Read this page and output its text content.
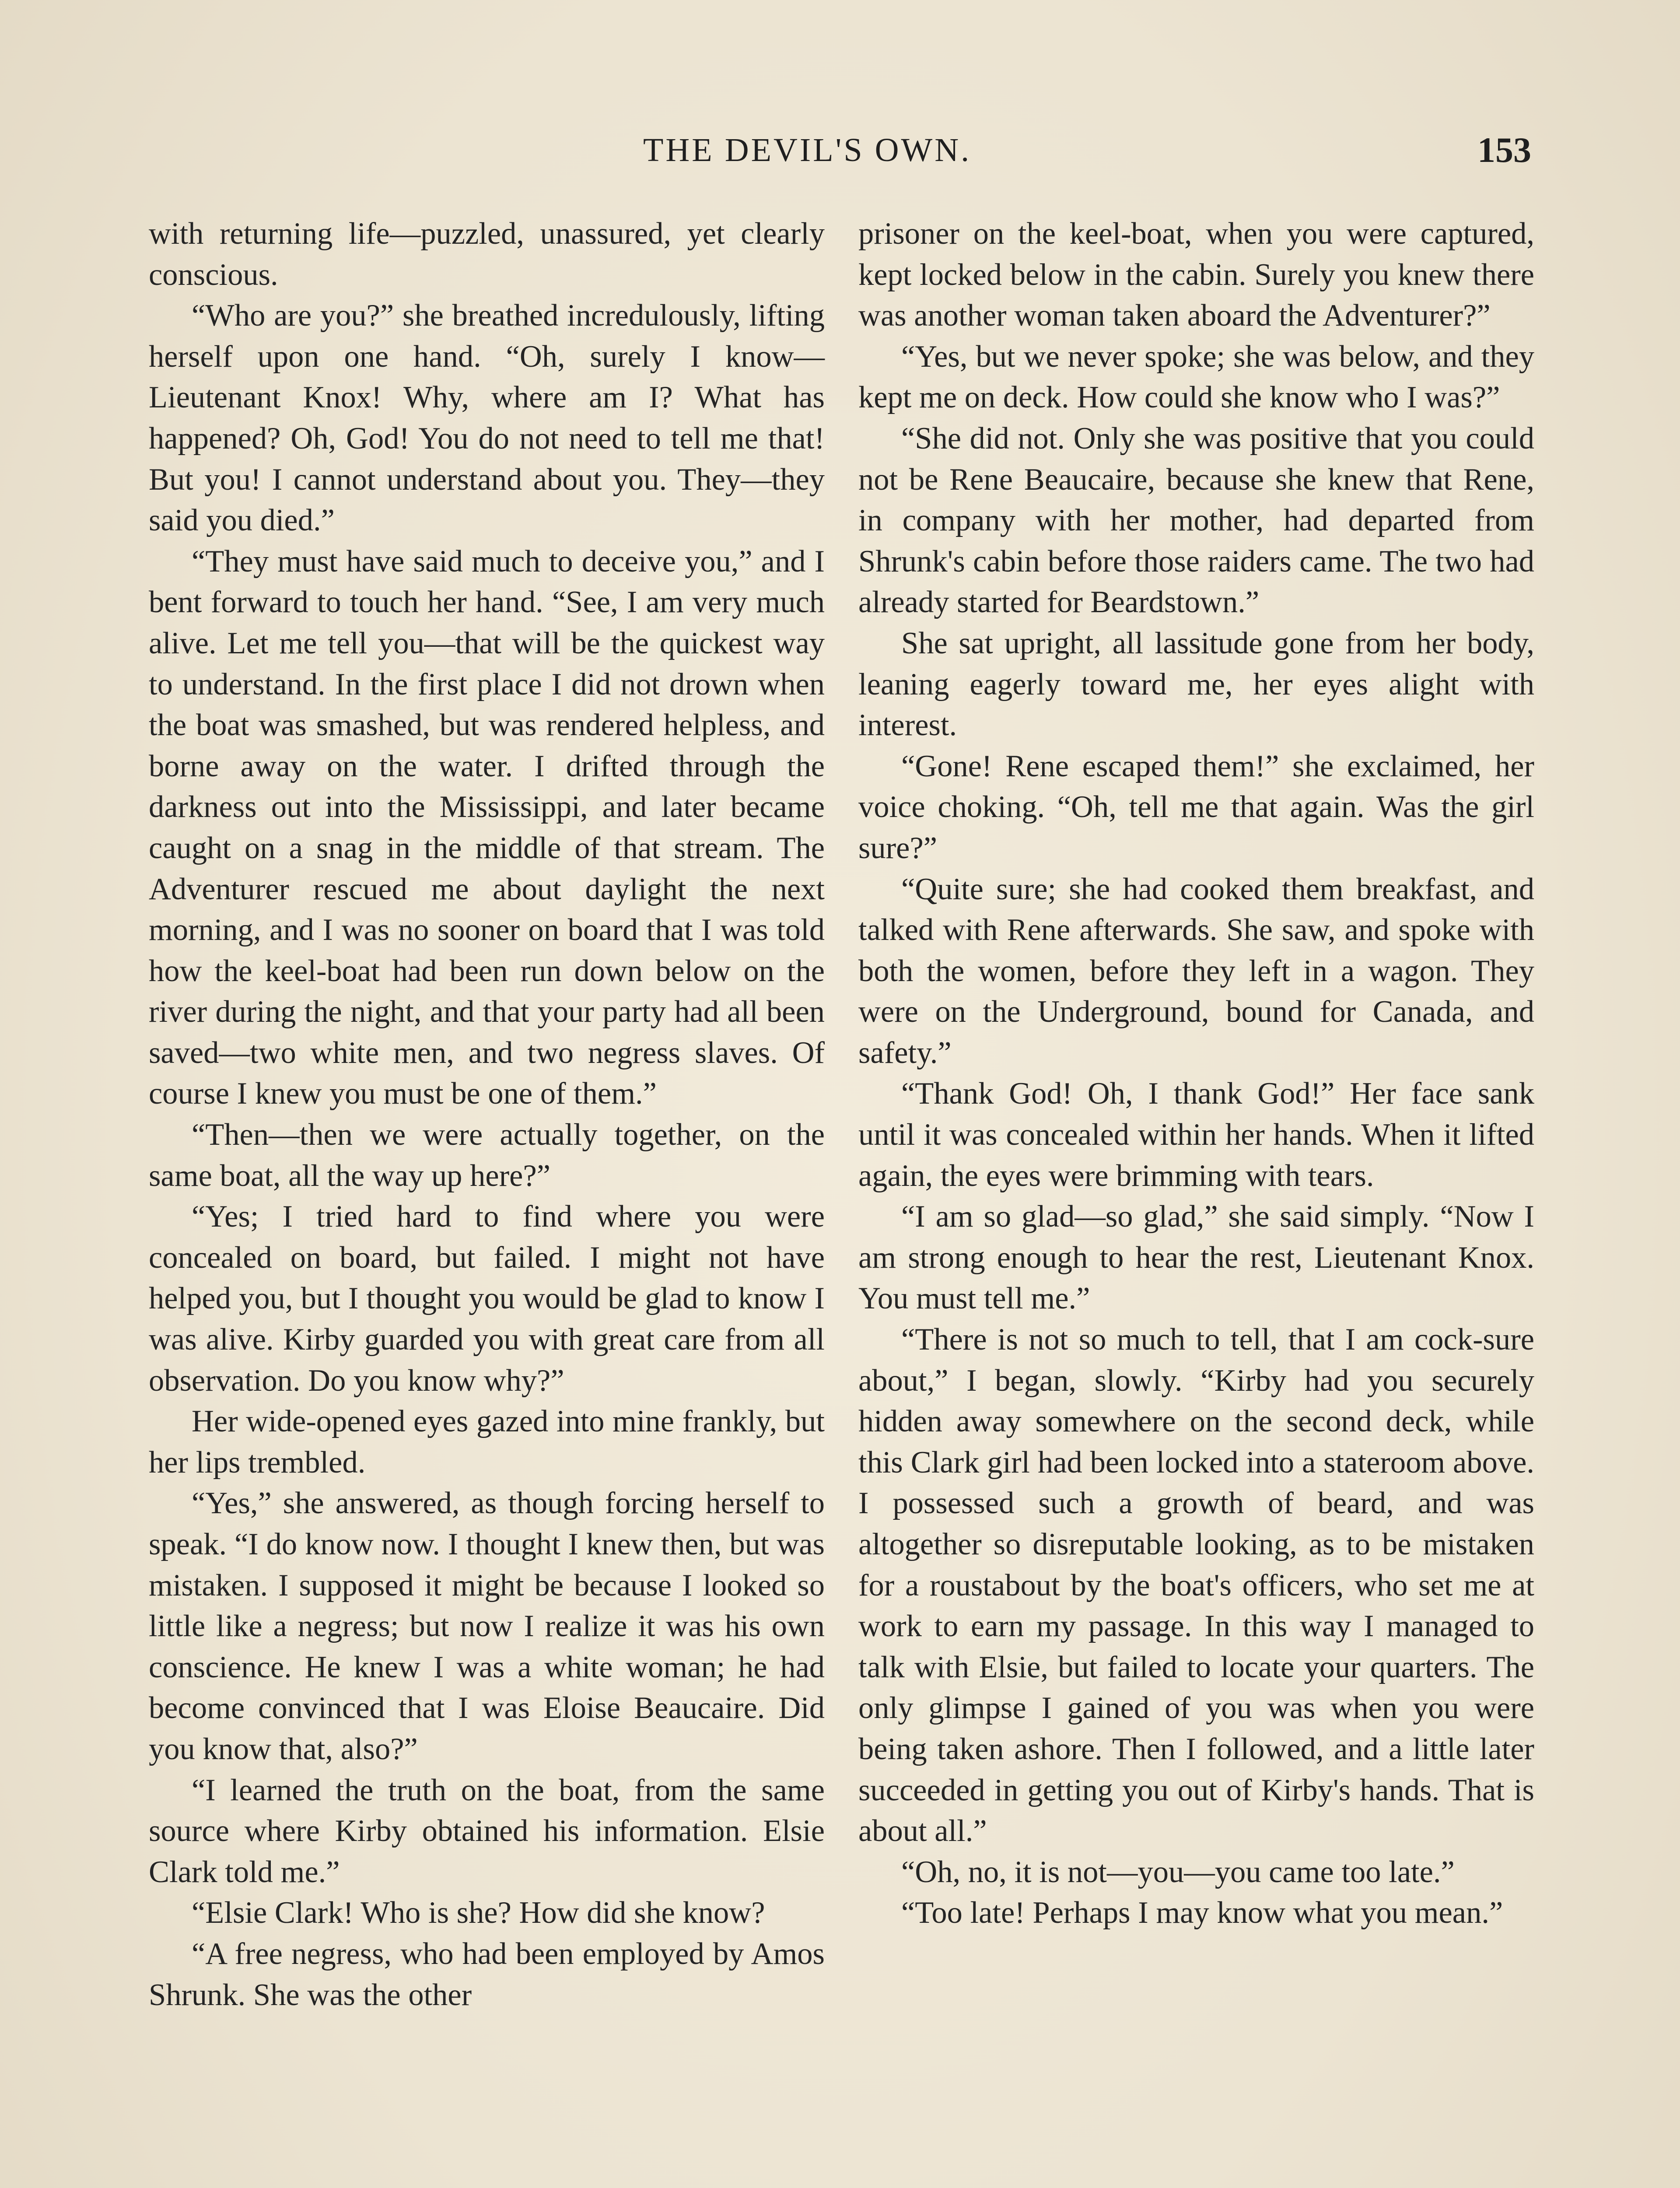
THE DEVIL'S OWN.	153

with returning life—puzzled, unassured, yet clearly conscious.

“Who are you?” she breathed incredulously, lifting herself upon one hand. “Oh, surely I know—Lieutenant Knox! Why, where am I? What has happened? Oh, God! You do not need to tell me that! But you! I cannot understand about you. They—they said you died.”

“They must have said much to deceive you,” and I bent forward to touch her hand. “See, I am very much alive. Let me tell you—that will be the quickest way to understand. In the first place I did not drown when the boat was smashed, but was rendered helpless, and borne away on the water. I drifted through the darkness out into the Mississippi, and later became caught on a snag in the middle of that stream. The Adventurer rescued me about daylight the next morning, and I was no sooner on board that I was told how the keel-boat had been run down below on the river during the night, and that your party had all been saved—two white men, and two negress slaves. Of course I knew you must be one of them.”

“Then—then we were actually together, on the same boat, all the way up here?”

“Yes; I tried hard to find where you were concealed on board, but failed. I might not have helped you, but I thought you would be glad to know I was alive. Kirby guarded you with great care from all observation. Do you know why?”

Her wide-opened eyes gazed into mine frankly, but her lips trembled.

“Yes,” she answered, as though forcing herself to speak. “I do know now. I thought I knew then, but was mistaken. I supposed it might be because I looked so little like a negress; but now I realize it was his own conscience. He knew I was a white woman; he had become convinced that I was Eloise Beaucaire. Did you know that, also?”

“I learned the truth on the boat, from the same source where Kirby obtained his information. Elsie Clark told me.”

“Elsie Clark! Who is she? How did she know?

“A free negress, who had been employed by Amos Shrunk. She was the other

prisoner on the keel-boat, when you were captured, kept locked below in the cabin. Surely you knew there was another woman taken aboard the Adventurer?”

“Yes, but we never spoke; she was below, and they kept me on deck. How could she know who I was?”

“She did not. Only she was positive that you could not be Rene Beaucaire, because she knew that Rene, in company with her mother, had departed from Shrunk's cabin before those raiders came. The two had already started for Beardstown.”

She sat upright, all lassitude gone from her body, leaning eagerly toward me, her eyes alight with interest.

“Gone! Rene escaped them!” she exclaimed, her voice choking. “Oh, tell me that again. Was the girl sure?”

“Quite sure; she had cooked them breakfast, and talked with Rene afterwards. She saw, and spoke with both the women, before they left in a wagon. They were on the Underground, bound for Canada, and safety.”

“Thank God! Oh, I thank God!” Her face sank until it was concealed within her hands. When it lifted again, the eyes were brimming with tears.

“I am so glad—so glad,” she said simply. “Now I am strong enough to hear the rest, Lieutenant Knox. You must tell me.”

“There is not so much to tell, that I am cock-sure about,” I began, slowly. “Kirby had you securely hidden away somewhere on the second deck, while this Clark girl had been locked into a stateroom above. I possessed such a growth of beard, and was altogether so disreputable looking, as to be mistaken for a roustabout by the boat's officers, who set me at work to earn my passage. In this way I managed to talk with Elsie, but failed to locate your quarters. The only glimpse I gained of you was when you were being taken ashore. Then I followed, and a little later succeeded in getting you out of Kirby's hands. That is about all.”

“Oh, no, it is not—you—you came too late.”

“Too late! Perhaps I may know what you mean.”
